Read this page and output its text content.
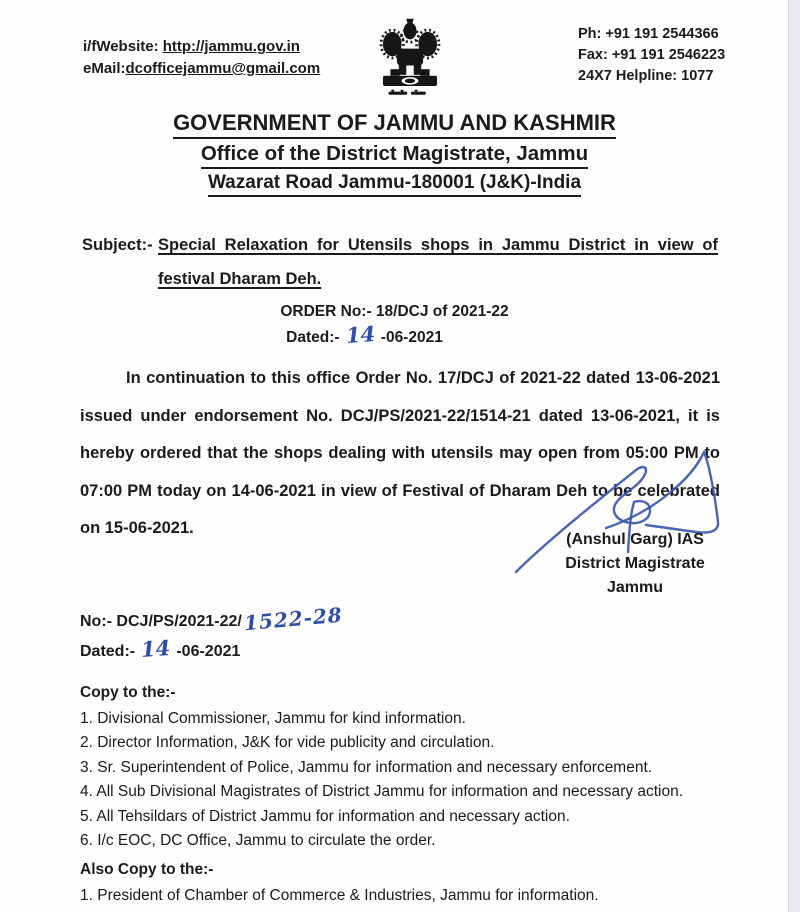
i/fWebsite: http://jammu.gov.in
eMail:dcofficejammu@gmail.com
Ph: +91 191 2544366
Fax: +91 191 2546223
24X7 Helpline: 1077
GOVERNMENT OF JAMMU AND KASHMIR
Office of the District Magistrate, Jammu
Wazarat Road Jammu-180001 (J&K)-India
Subject:- Special Relaxation for Utensils shops in Jammu District in view of
festival Dharam Deh.
ORDER No:- 18/DCJ of 2021-22
Dated:- 14 -06-2021
In continuation to this office Order No. 17/DCJ of 2021-22 dated 13-06-2021 issued under endorsement No. DCJ/PS/2021-22/1514-21 dated 13-06-2021, it is hereby ordered that the shops dealing with utensils may open from 05:00 PM to 07:00 PM today on 14-06-2021 in view of Festival of Dharam Deh to be celebrated on 15-06-2021.
(Anshul Garg) IAS
District Magistrate
Jammu
No:- DCJ/PS/2021-22/1522-28
Dated:- 14 -06-2021
Copy to the:-
1. Divisional Commissioner, Jammu for kind information.
2. Director Information, J&K for vide publicity and circulation.
3. Sr. Superintendent of Police, Jammu for information and necessary enforcement.
4. All Sub Divisional Magistrates of District Jammu for information and necessary action.
5. All Tehsildars of District Jammu for information and necessary action.
6. I/c EOC, DC Office, Jammu to circulate the order.
Also Copy to the:-
1. President of Chamber of Commerce & Industries, Jammu for information.
